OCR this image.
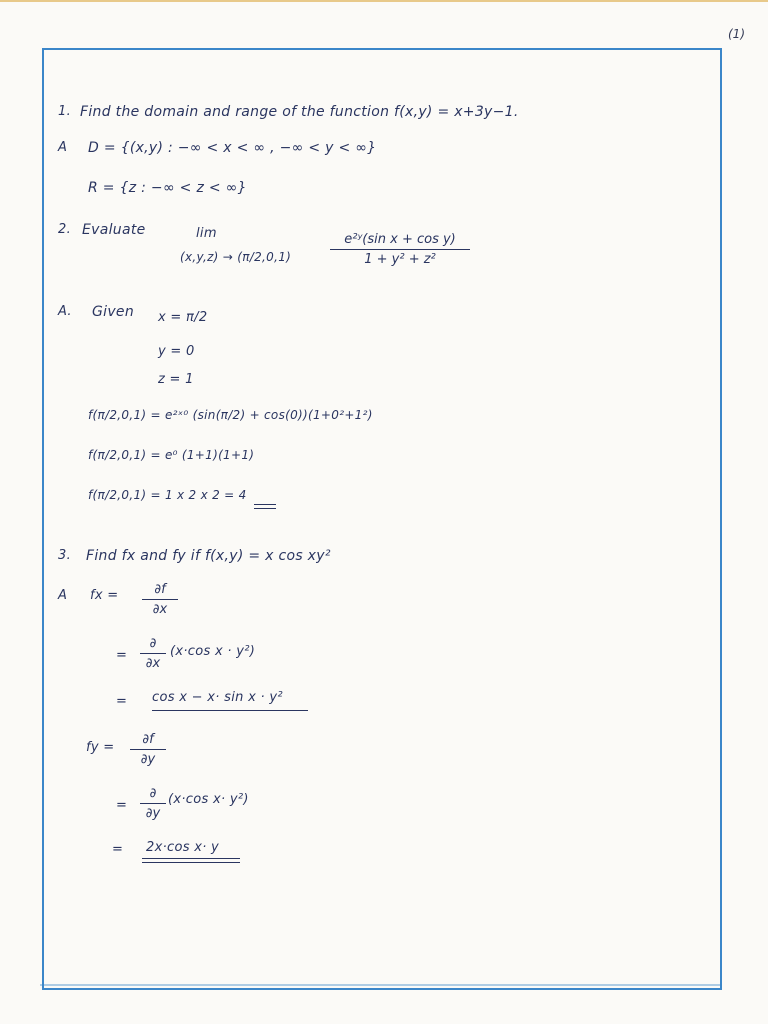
(1)
1. Find the domain and range of the function f(x,y) = x+3y−1.
A D = {(x,y) : −∞ < x < ∞ , −∞ < y < ∞}
R = {z : −∞ < z < ∞}
2. Evaluate	lim
(x,y,z) → (π/2,0,1)	$\frac{\text{e²ʸ(sin x + cos y)}}{\text{1 + y² + z²}}$
A. Given x = π/2
y = 0
z = 1
f(π/2,0,1) = e²ˣ⁰ (sin(π/2) + cos(0))(1+0²+1²)
f(π/2,0,1) = e⁰ (1+1)(1+1)
f(π/2,0,1) = 1 x 2 x 2 = 4
3. Find fx and fy if f(x,y) = x cos xy²
A fx = $\frac{\partial f}{\partial x}$
=
∂
∂x
(x·cos x · y²)
= cos x − x· sin x · y²
fy = $\frac{\partial f}{\partial y}$
=
∂
∂y
(x·cos x· y²)
= 2x·cos x· y
